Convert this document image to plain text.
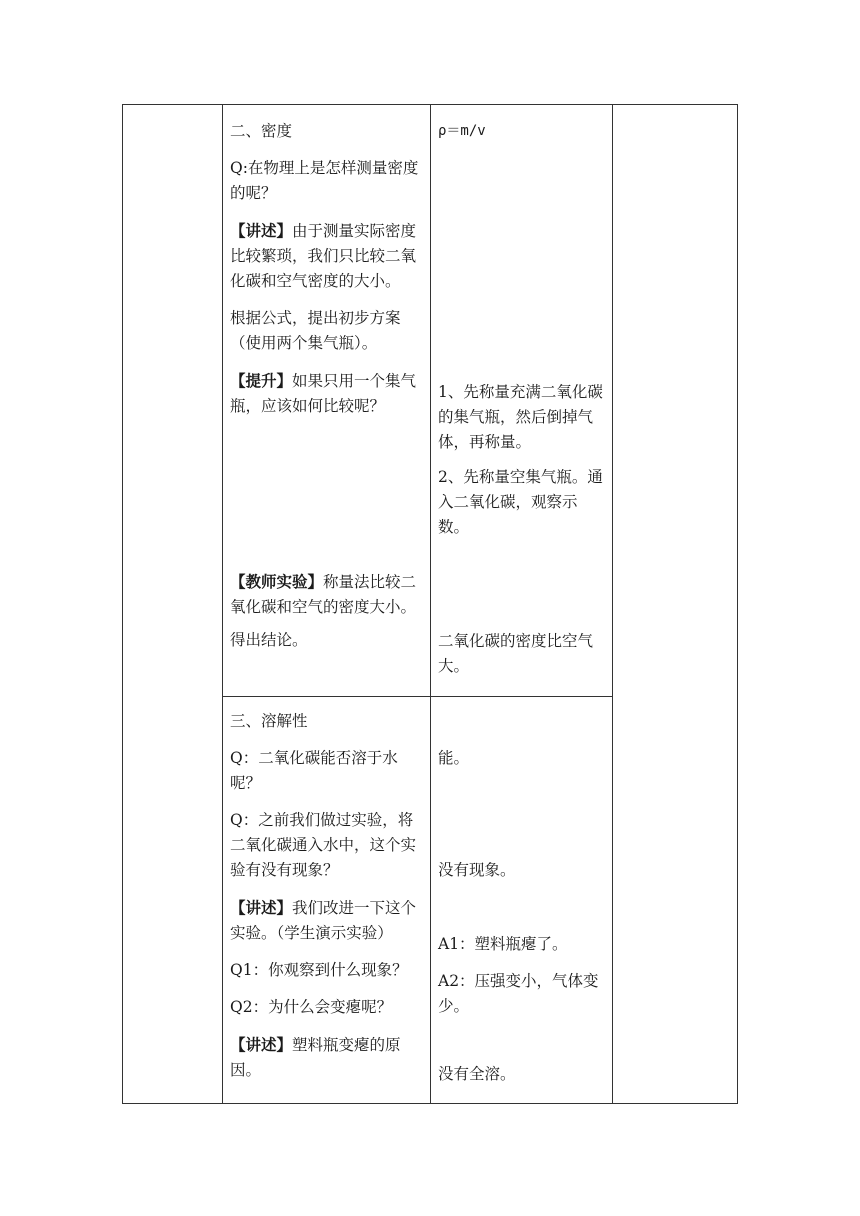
二、密度

Q:在物理上是怎样测量密度的呢？

【讲述】由于测量实际密度比较繁琐，我们只比较二氧化碳和空气密度的大小。

根据公式，提出初步方案（使用两个集气瓶）。

【提升】如果只用一个集气瓶，应该如何比较呢？

【教师实验】称量法比较二氧化碳和空气的密度大小。

得出结论。

ρ＝m/v

1、先称量充满二氧化碳的集气瓶，然后倒掉气体，再称量。

2、先称量空集气瓶。通入二氧化碳，观察示数。

二氧化碳的密度比空气大。

三、溶解性

Q：二氧化碳能否溶于水呢？

Q：之前我们做过实验，将二氧化碳通入水中，这个实验有没有现象？

【讲述】我们改进一下这个实验。（学生演示实验）

Q1：你观察到什么现象？

Q2：为什么会变瘪呢？

【讲述】塑料瓶变瘪的原因。

能。
没有现象。
A1：塑料瓶瘪了。
A2：压强变小，气体变少。
没有全溶。
